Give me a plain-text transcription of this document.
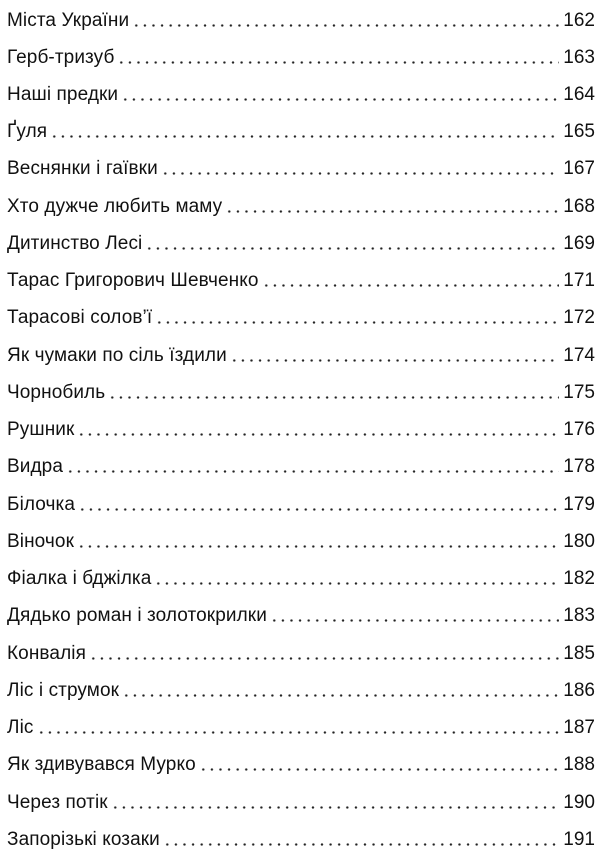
Міста України	162
Герб-тризуб	163
Наші предки	164
Ґуля	165
Веснянки і гаївки	167
Хто дужче любить маму	168
Дитинство Лесі	169
Тарас Григорович Шевченко	171
Тарасові солов’ї	172
Як чумаки по сіль їздили	174
Чорнобиль	175
Рушник	176
Видра	178
Білочка	179
Віночок	180
Фіалка і бджілка	182
Дядько роман і золотокрилки	183
Конвалія	185
Ліс і струмок	186
Ліс	187
Як здивувався Мурко	188
Через потік	190
Запорізькі козаки	191
